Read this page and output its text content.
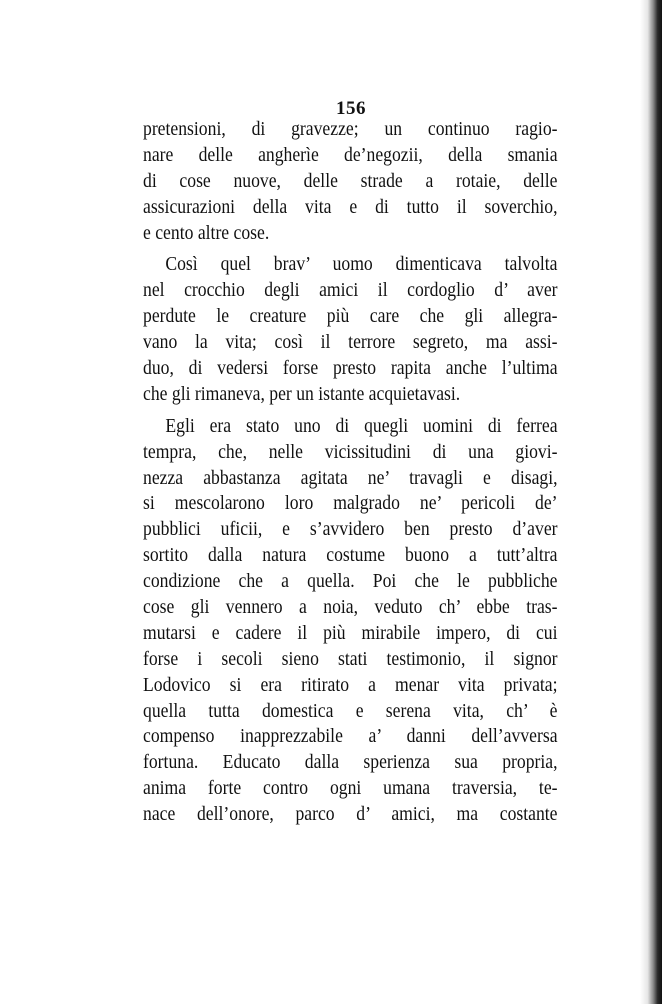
156
pretensioni, di gravezze; un continuo ragio-
nare delle angherìe de’negozii, della smania
di cose nuove, delle strade a rotaie, delle
assicurazioni della vita e di tutto il soverchio,
e cento altre cose.
Così quel brav’ uomo dimenticava talvolta
nel crocchio degli amici il cordoglio d’ aver
perdute le creature più care che gli allegra-
vano la vita; così il terrore segreto, ma assi-
duo, di vedersi forse presto rapita anche l’ultima
che gli rimaneva, per un istante acquietavasi.
Egli era stato uno di quegli uomini di ferrea
tempra, che, nelle vicissitudini di una giovi-
nezza abbastanza agitata ne’ travagli e disagi,
si mescolarono loro malgrado ne’ pericoli de’
pubblici uficii, e s’avvidero ben presto d’aver
sortito dalla natura costume buono a tutt’altra
condizione che a quella. Poi che le pubbliche
cose gli vennero a noia, veduto ch’ ebbe tras-
mutarsi e cadere il più mirabile impero, di cui
forse i secoli sieno stati testimonio, il signor
Lodovico si era ritirato a menar vita privata;
quella tutta domestica e serena vita, ch’ è
compenso inapprezzabile a’ danni dell’avversa
fortuna. Educato dalla sperienza sua propria,
anima forte contro ogni umana traversia, te-
nace dell’onore, parco d’ amici, ma costante
